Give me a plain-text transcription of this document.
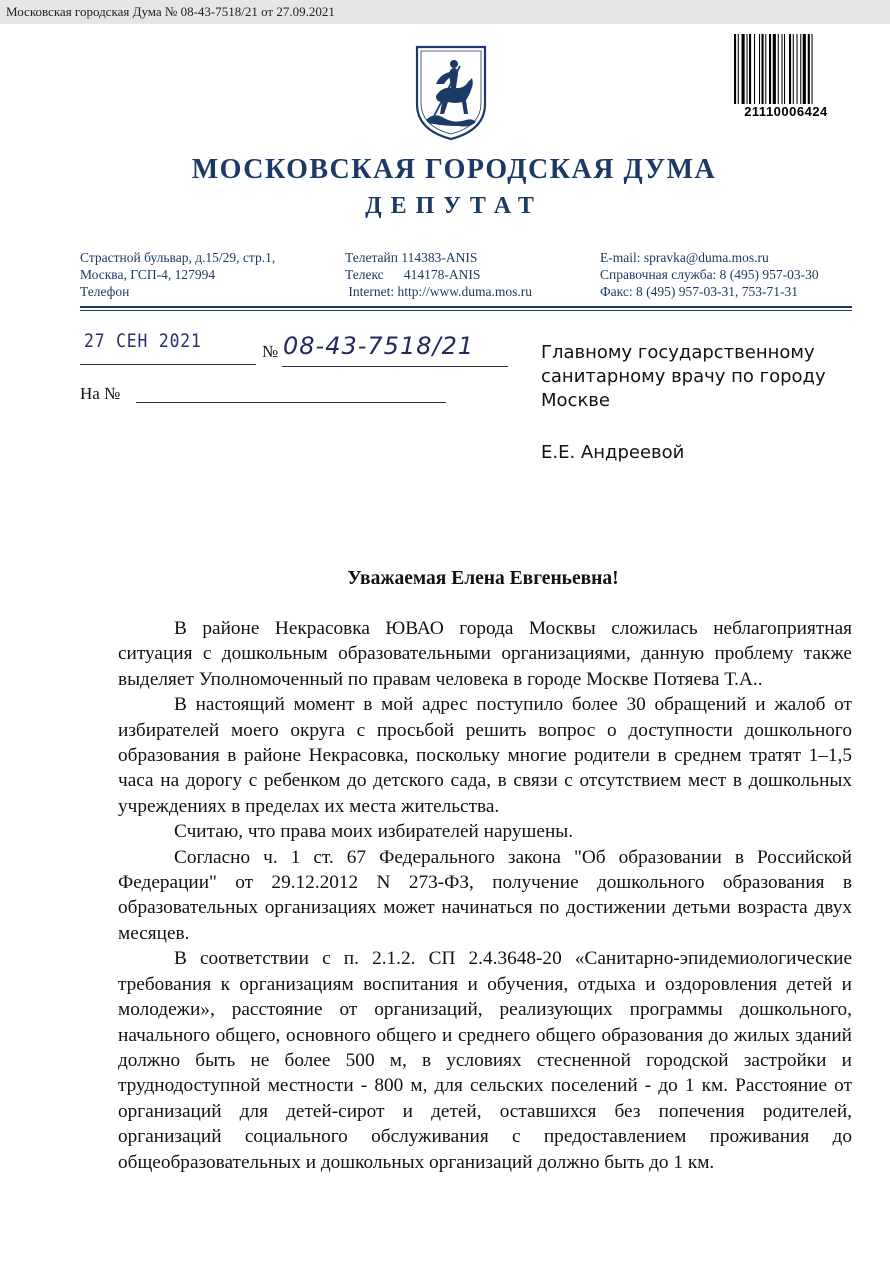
Московская городская Дума № 08-43-7518/21 от 27.09.2021
21110006424
МОСКОВСКАЯ ГОРОДСКАЯ ДУМА
ДЕПУТАТ
Страстной бульвар, д.15/29, стр.1,
Москва, ГСП-4, 127994
Телефон
Телетайп 114383-ANIS
Телекс      414178-ANIS
Internet: http://www.duma.mos.ru
E-mail: spravka@duma.mos.ru
Справочная служба: 8 (495) 957-03-30
Факс: 8 (495) 957-03-31, 753-71-31
27 СЕН 2021	№ 08-43-7518/21
На №
Главному государственному
санитарному врачу по городу
Москве
Е.Е. Андреевой
Уважаемая Елена Евгеньевна!

В районе Некрасовка ЮВАО города Москвы сложилась неблагоприятная ситуация с дошкольным образовательными организациями, данную проблему также выделяет Уполномоченный по правам человека в городе Москве Потяева Т.А..

В настоящий момент в мой адрес поступило более 30 обращений и жалоб от избирателей моего округа с просьбой решить вопрос о доступности дошкольного образования в районе Некрасовка, поскольку многие родители в среднем тратят 1–1,5 часа на дорогу с ребенком до детского сада, в связи с отсутствием мест в дошкольных учреждениях в пределах их места жительства.

Считаю, что права моих избирателей нарушены.

Согласно ч. 1 ст. 67 Федерального закона "Об образовании в Российской Федерации" от 29.12.2012 N 273-ФЗ, получение дошкольного образования в образовательных организациях может начинаться по достижении детьми возраста двух месяцев.

В соответствии с п. 2.1.2. СП 2.4.3648-20 «Санитарно-эпидемиологические требования к организациям воспитания и обучения, отдыха и оздоровления детей и молодежи», расстояние от организаций, реализующих программы дошкольного, начального общего, основного общего и среднего общего образования до жилых зданий должно быть не более 500 м, в условиях стесненной городской застройки и труднодоступной местности - 800 м, для сельских поселений - до 1 км. Расстояние от организаций для детей-сирот и детей, оставшихся без попечения родителей, организаций социального обслуживания с предоставлением проживания до общеобразовательных и дошкольных организаций должно быть до 1 км.
